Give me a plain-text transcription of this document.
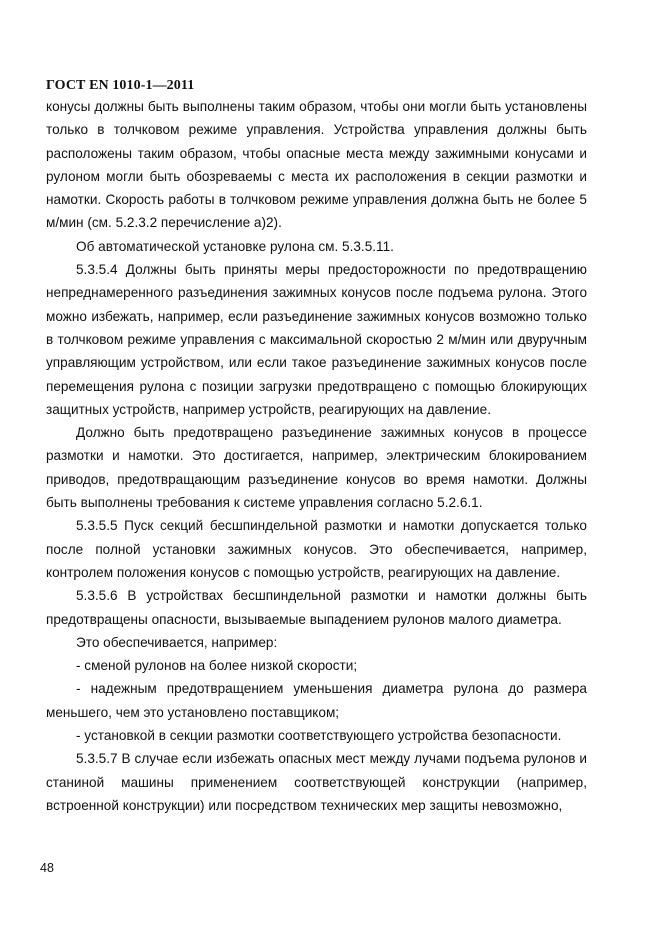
ГОСТ EN 1010-1—2011

конусы должны быть выполнены таким образом, чтобы они могли быть установлены только в толчковом режиме управления. Устройства управления должны быть расположены таким образом, чтобы опасные места между зажимными конусами и рулоном могли быть обозреваемы с места их расположения в секции размотки и намотки. Скорость работы в толчковом режиме управления должна быть не более 5 м/мин (см. 5.2.3.2 перечисление а)2).

Об автоматической установке рулона см. 5.3.5.11.

5.3.5.4 Должны быть приняты меры предосторожности по предотвращению непреднамеренного разъединения зажимных конусов после подъема рулона. Этого можно избежать, например, если разъединение зажимных конусов возможно только в толчковом режиме управления с максимальной скоростью 2 м/мин или двуручным управляющим устройством, или если такое разъединение зажимных конусов после перемещения рулона с позиции загрузки предотвращено с помощью блокирующих защитных устройств, например устройств, реагирующих на давление.

Должно быть предотвращено разъединение зажимных конусов в процессе размотки и намотки. Это достигается, например, электрическим блокированием приводов, предотвращающим разъединение конусов во время намотки. Должны быть выполнены требования к системе управления согласно 5.2.6.1.

5.3.5.5 Пуск секций бесшпиндельной размотки и намотки допускается только после полной установки зажимных конусов. Это обеспечивается, например, контролем положения конусов с помощью устройств, реагирующих на давление.

5.3.5.6 В устройствах бесшпиндельной размотки и намотки должны быть предотвращены опасности, вызываемые выпадением рулонов малого диаметра.

Это обеспечивается, например:

- сменой рулонов на более низкой скорости;

- надежным предотвращением уменьшения диаметра рулона до размера меньшего, чем это установлено поставщиком;

- установкой в секции размотки соответствующего устройства безопасности.

5.3.5.7 В случае если избежать опасных мест между лучами подъема рулонов и станиной машины применением соответствующей конструкции (например, встроенной конструкции) или посредством технических мер защиты невозможно,

48
